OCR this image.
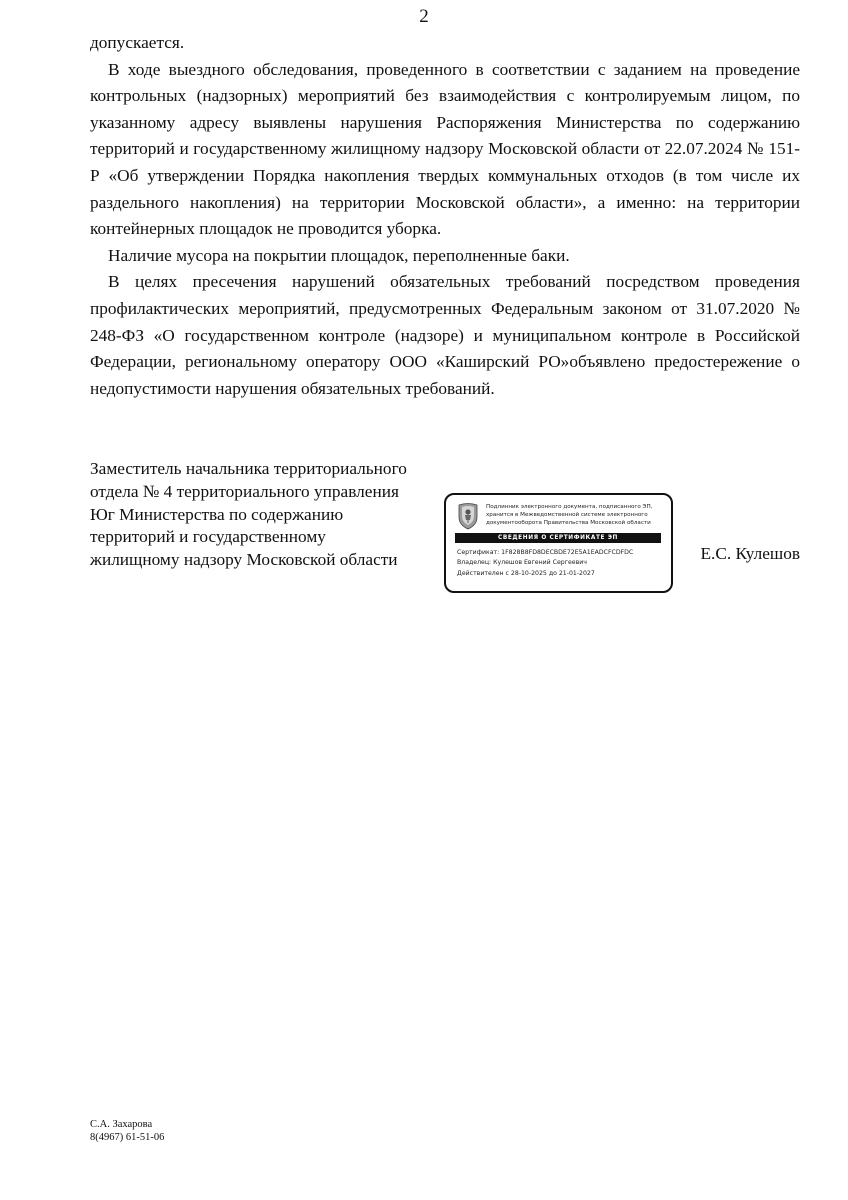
2

допускается.

В ходе выездного обследования, проведенного в соответствии с заданием на проведение контрольных (надзорных) мероприятий без взаимодействия с контролируемым лицом, по указанному адресу выявлены нарушения Распоряжения Министерства по содержанию территорий и государственному жилищному надзору Московской области от 22.07.2024 № 151-Р «Об утверждении Порядка накопления твердых коммунальных отходов (в том числе их раздельного накопления) на территории Московской области», а именно: на территории контейнерных площадок не проводится уборка.

Наличие мусора на покрытии площадок, переполненные баки.

В целях пресечения нарушений обязательных требований посредством проведения профилактических мероприятий, предусмотренных Федеральным законом от 31.07.2020 № 248-ФЗ «О государственном контроле (надзоре) и муниципальном контроле в Российской Федерации, региональному оператору ООО «Каширский РО»объявлено предостережение о недопустимости нарушения обязательных требований.

Заместитель начальника территориального
отдела № 4 территориального управления
Юг Министерства по содержанию
территорий и государственному
жилищному надзору Московской области
Подлинник электронного документа, подписанного ЭП,
хранится в Межведомственной системе электронного
документооборота Правительства Московской области
СВЕДЕНИЯ О СЕРТИФИКАТЕ ЭП
Сертификат: 1F828B8FD8DECBDE72E5A1EADCFCDFDC
Владелец: Кулешов Евгений Сергеевич
Действителен с 28-10-2025 до 21-01-2027
Е.С. Кулешов
С.А. Захарова
8(4967) 61-51-06
